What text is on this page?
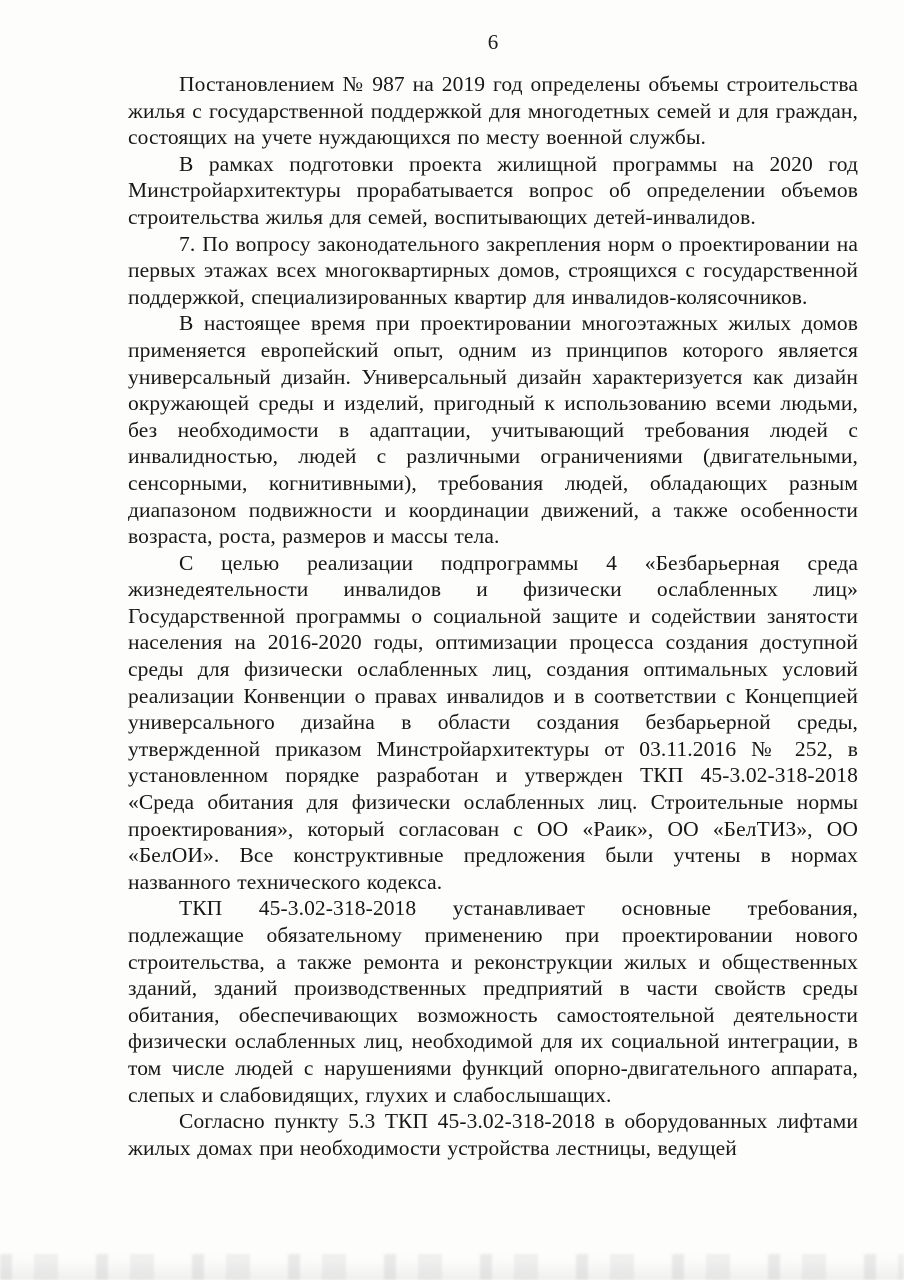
6

Постановлением № 987 на 2019 год определены объемы строительства жилья с государственной поддержкой для многодетных семей и для граждан, состоящих на учете нуждающихся по месту военной службы.

В рамках подготовки проекта жилищной программы на 2020 год Минстройархитектуры прорабатывается вопрос об определении объемов строительства жилья для семей, воспитывающих детей-инвалидов.

7. По вопросу законодательного закрепления норм о проектировании на первых этажах всех многоквартирных домов, строящихся с государственной поддержкой, специализированных квартир для инвалидов-колясочников.

В настоящее время при проектировании многоэтажных жилых домов применяется европейский опыт, одним из принципов которого является универсальный дизайн. Универсальный дизайн характеризуется как дизайн окружающей среды и изделий, пригодный к использованию всеми людьми, без необходимости в адаптации, учитывающий требования людей с инвалидностью, людей с различными ограничениями (двигательными, сенсорными, когнитивными), требования людей, обладающих разным диапазоном подвижности и координации движений, а также особенности возраста, роста, размеров и массы тела.

С целью реализации подпрограммы 4 «Безбарьерная среда жизнедеятельности инвалидов и физически ослабленных лиц» Государственной программы о социальной защите и содействии занятости населения на 2016-2020 годы, оптимизации процесса создания доступной среды для физически ослабленных лиц, создания оптимальных условий реализации Конвенции о правах инвалидов и в соответствии с Концепцией универсального дизайна в области создания безбарьерной среды, утвержденной приказом Минстройархитектуры от 03.11.2016 № 252, в установленном порядке разработан и утвержден ТКП 45-3.02-318-2018 «Среда обитания для физически ослабленных лиц. Строительные нормы проектирования», который согласован с ОО «Раик», ОО «БелТИЗ», ОО «БелОИ». Все конструктивные предложения были учтены в нормах названного технического кодекса.

ТКП 45-3.02-318-2018 устанавливает основные требования, подлежащие обязательному применению при проектировании нового строительства, а также ремонта и реконструкции жилых и общественных зданий, зданий производственных предприятий в части свойств среды обитания, обеспечивающих возможность самостоятельной деятельности физически ослабленных лиц, необходимой для их социальной интеграции, в том числе людей с нарушениями функций опорно-двигательного аппарата, слепых и слабовидящих, глухих и слабослышащих.

Согласно пункту 5.3 ТКП 45-3.02-318-2018 в оборудованных лифтами жилых домах при необходимости устройства лестницы, ведущей
